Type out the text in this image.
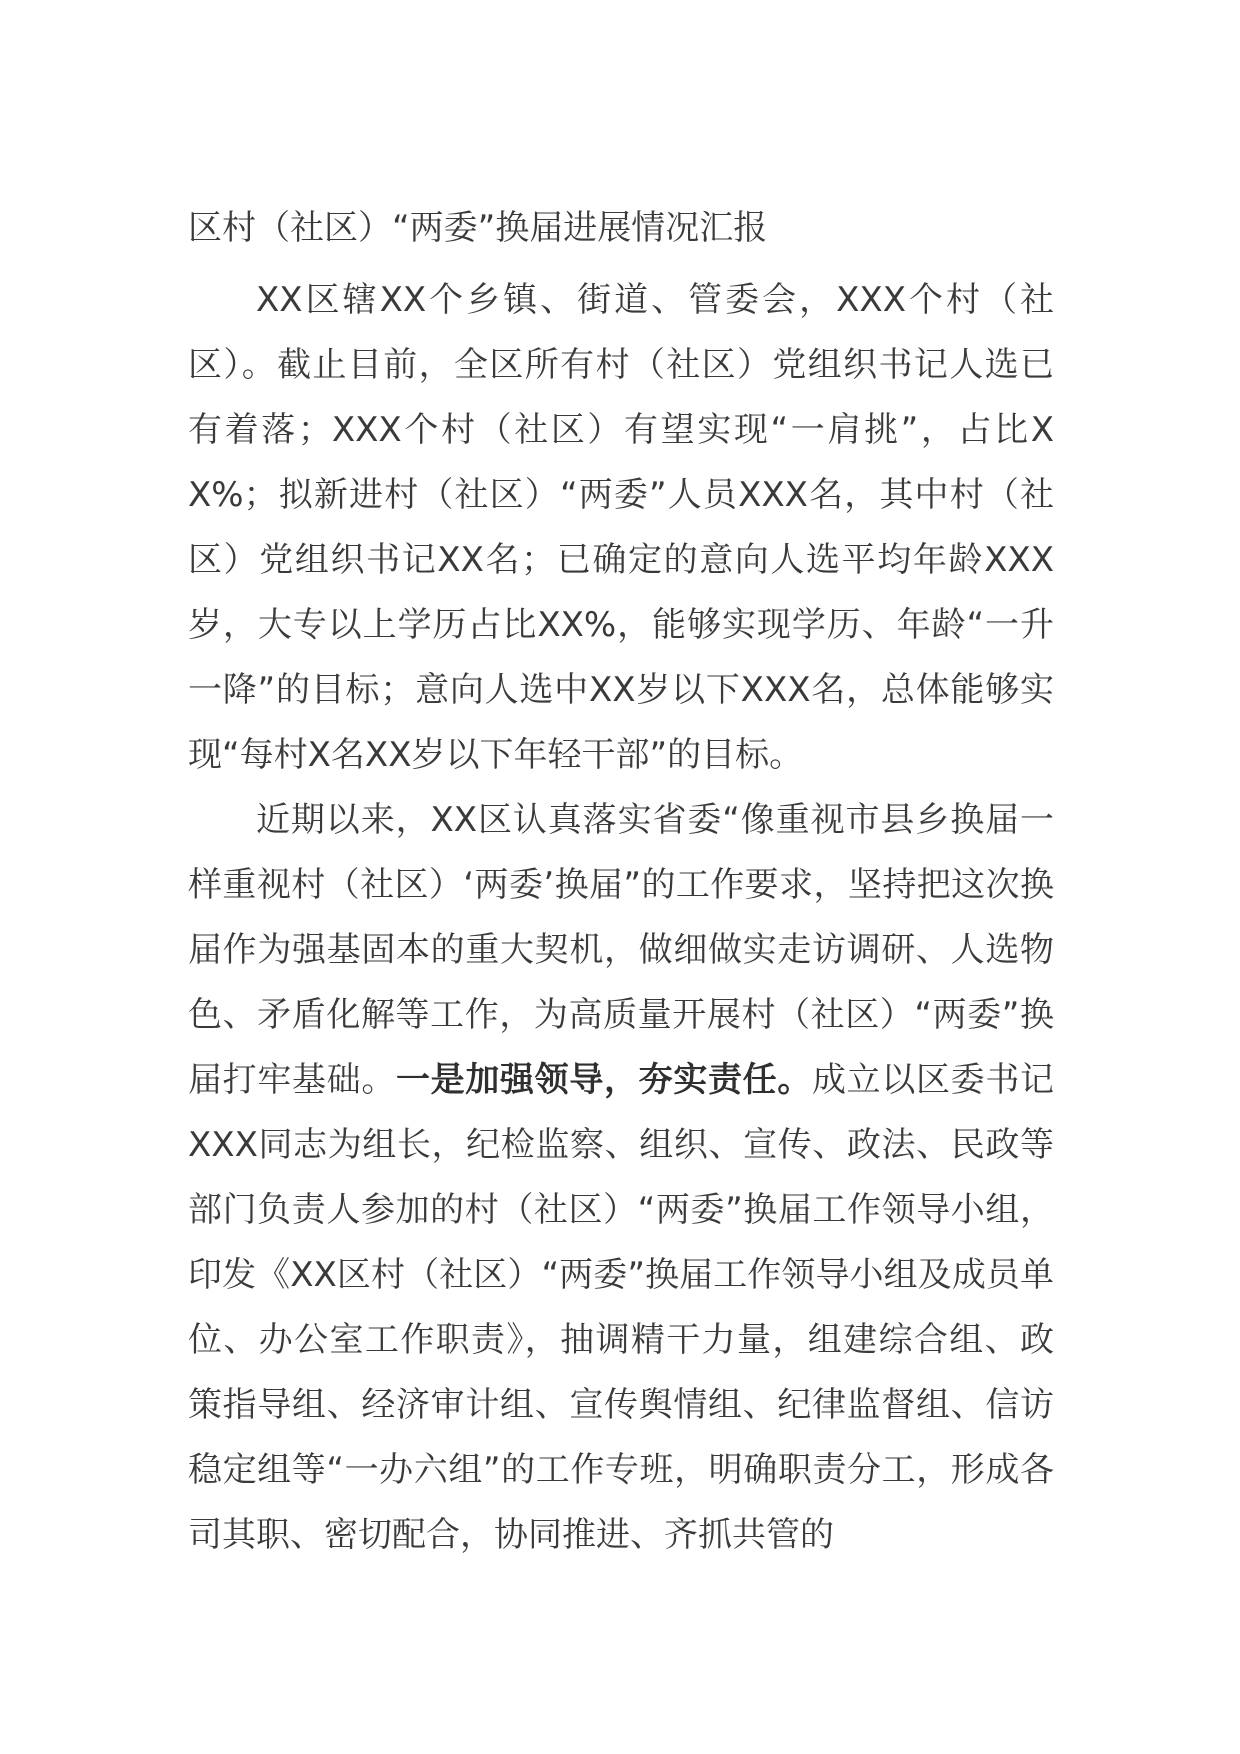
区村（社区）“两委”换届进展情况汇报

XX区辖XX个乡镇、街道、管委会，XXX个村（社区）。截止目前，全区所有村（社区）党组织书记人选已有着落；XXX个村（社区）有望实现“一肩挑”，占比XX%；拟新进村（社区）“两委”人员XXX名，其中村（社区）党组织书记XX名；已确定的意向人选平均年龄XXX岁，大专以上学历占比XX%，能够实现学历、年龄“一升一降”的目标；意向人选中XX岁以下XXX名，总体能够实现“每村X名XX岁以下年轻干部”的目标。

近期以来，XX区认真落实省委“像重视市县乡换届一样重视村（社区）‘两委’换届”的工作要求，坚持把这次换届作为强基固本的重大契机，做细做实走访调研、人选物色、矛盾化解等工作，为高质量开展村（社区）“两委”换届打牢基础。一是加强领导，夯实责任。成立以区委书记XXX同志为组长，纪检监察、组织、宣传、政法、民政等部门负责人参加的村（社区）“两委”换届工作领导小组，印发《XX区村（社区）“两委”换届工作领导小组及成员单位、办公室工作职责》，抽调精干力量，组建综合组、政策指导组、经济审计组、宣传舆情组、纪律监督组、信访稳定组等“一办六组”的工作专班，明确职责分工，形成各司其职、密切配合，协同推进、齐抓共管的
